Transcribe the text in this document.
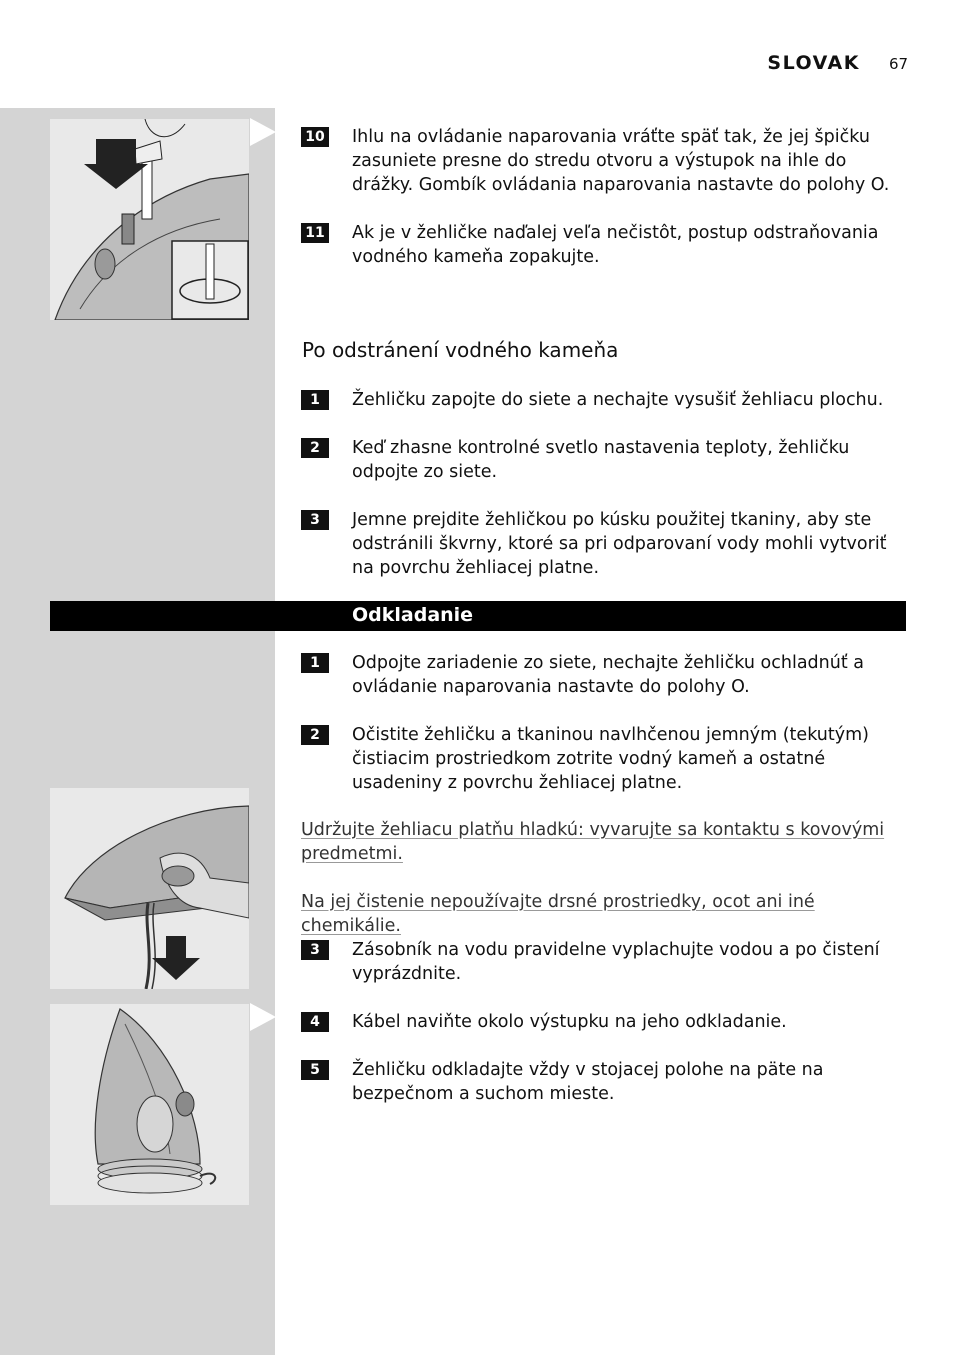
SLOVAK 67
10 Ihlu na ovládanie naparovania vráťte späť tak, že jej špičku zasuniete presne do stredu otvoru a výstupok na ihle do drážky. Gombík ovládania naparovania nastavte do polohy O.
11 Ak je v žehličke naďalej veľa nečistôt, postup odstraňovania vodného kameňa zopakujte.
Po odstránení vodného kameňa
1	Žehličku zapojte do siete a nechajte vysušiť žehliacu plochu.
2	Keď zhasne kontrolné svetlo nastavenia teploty, žehličku odpojte zo siete.
3	Jemne prejdite žehličkou po kúsku použitej tkaniny, aby ste odstránili škvrny, ktoré sa pri odparovaní vody mohli vytvoriť na povrchu žehliacej platne.
Odkladanie
1	Odpojte zariadenie zo siete, nechajte žehličku ochladnúť a ovládanie naparovania nastavte do polohy O.
2	Očistite žehličku a tkaninou navlhčenou jemným (tekutým) čistiacim prostriedkom zotrite vodný kameň a ostatné usadeniny z povrchu žehliacej platne.
Udržujte žehliacu platňu hladkú: vyvarujte sa kontaktu s kovovými predmetmi.
Na jej čistenie nepoužívajte drsné prostriedky, ocot ani iné chemikálie.
3	Zásobník na vodu pravidelne vyplachujte vodou a po čistení vyprázdnite.
4	Kábel naviňte okolo výstupku na jeho odkladanie.
5	Žehličku odkladajte vždy v stojacej polohe na päte na bezpečnom a suchom mieste.
